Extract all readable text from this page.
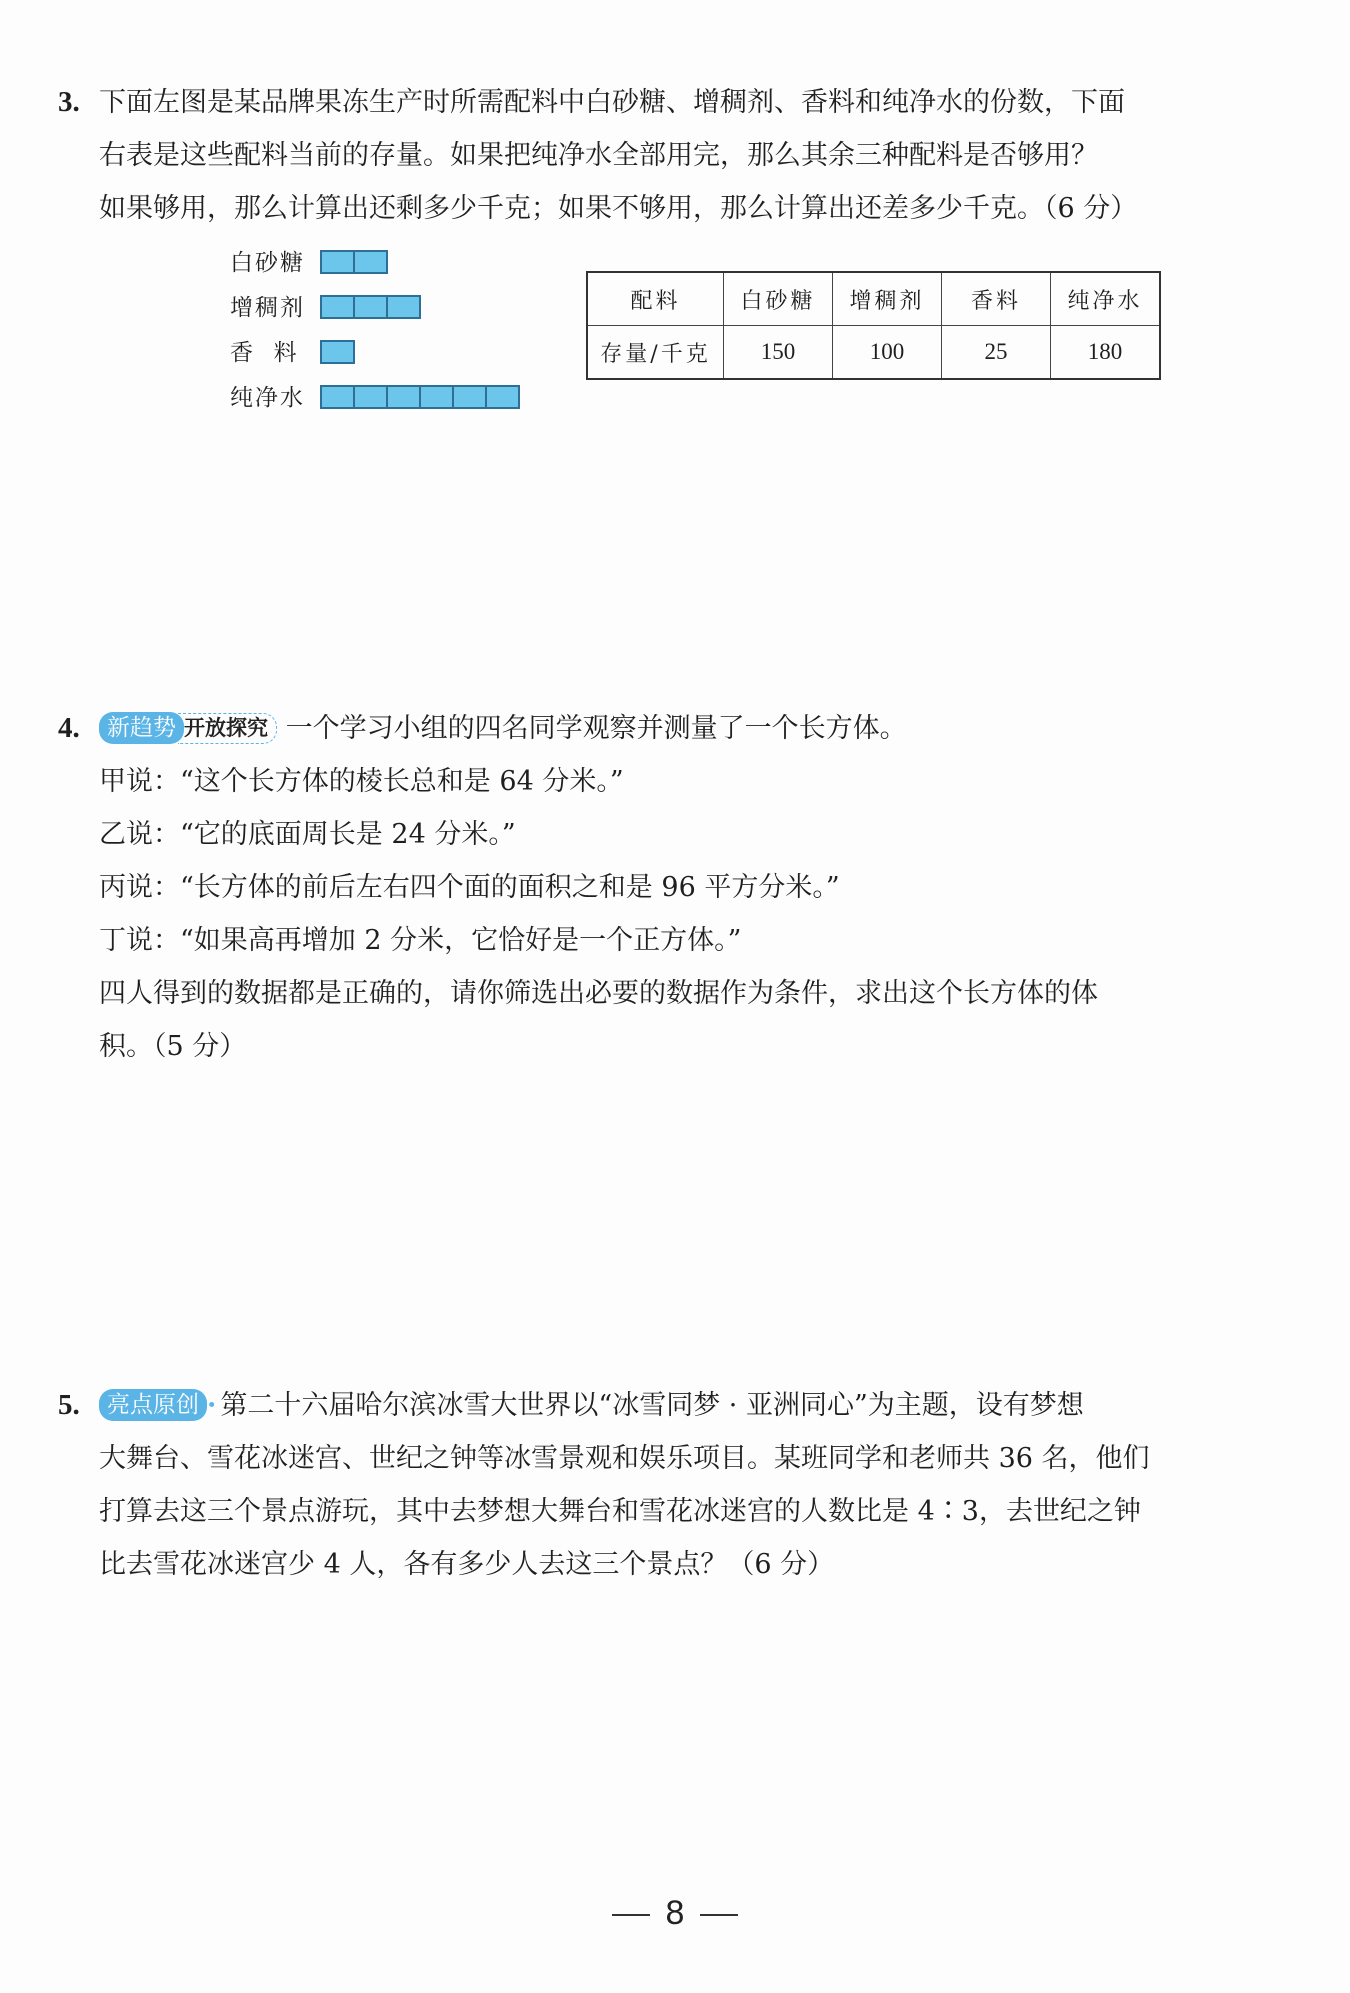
3. 下面左图是某品牌果冻生产时所需配料中白砂糖、增稠剂、香料和纯净水的份数，下面
右表是这些配料当前的存量。如果把纯净水全部用完，那么其余三种配料是否够用？
如果够用，那么计算出还剩多少千克；如果不够用，那么计算出还差多少千克。（6 分）
白砂糖
增稠剂
香  料
纯净水
配料	白砂糖	增稠剂	香料	纯净水
存量/千克	150	100	25	180
4. 新趋势 开放探究 一个学习小组的四名同学观察并测量了一个长方体。
甲说：“这个长方体的棱长总和是 64 分米。”
乙说：“它的底面周长是 24 分米。”
丙说：“长方体的前后左右四个面的面积之和是 96 平方分米。”
丁说：“如果高再增加 2 分米，它恰好是一个正方体。”
四人得到的数据都是正确的，请你筛选出必要的数据作为条件，求出这个长方体的体
积。（5 分）
5. 亮点原创 · 第二十六届哈尔滨冰雪大世界以“冰雪同梦 · 亚洲同心”为主题，设有梦想
大舞台、雪花冰迷宫、世纪之钟等冰雪景观和娱乐项目。某班同学和老师共 36 名，他们
打算去这三个景点游玩，其中去梦想大舞台和雪花冰迷宫的人数比是 4∶3，去世纪之钟
比去雪花冰迷宫少 4 人，各有多少人去这三个景点？（6 分）
8
